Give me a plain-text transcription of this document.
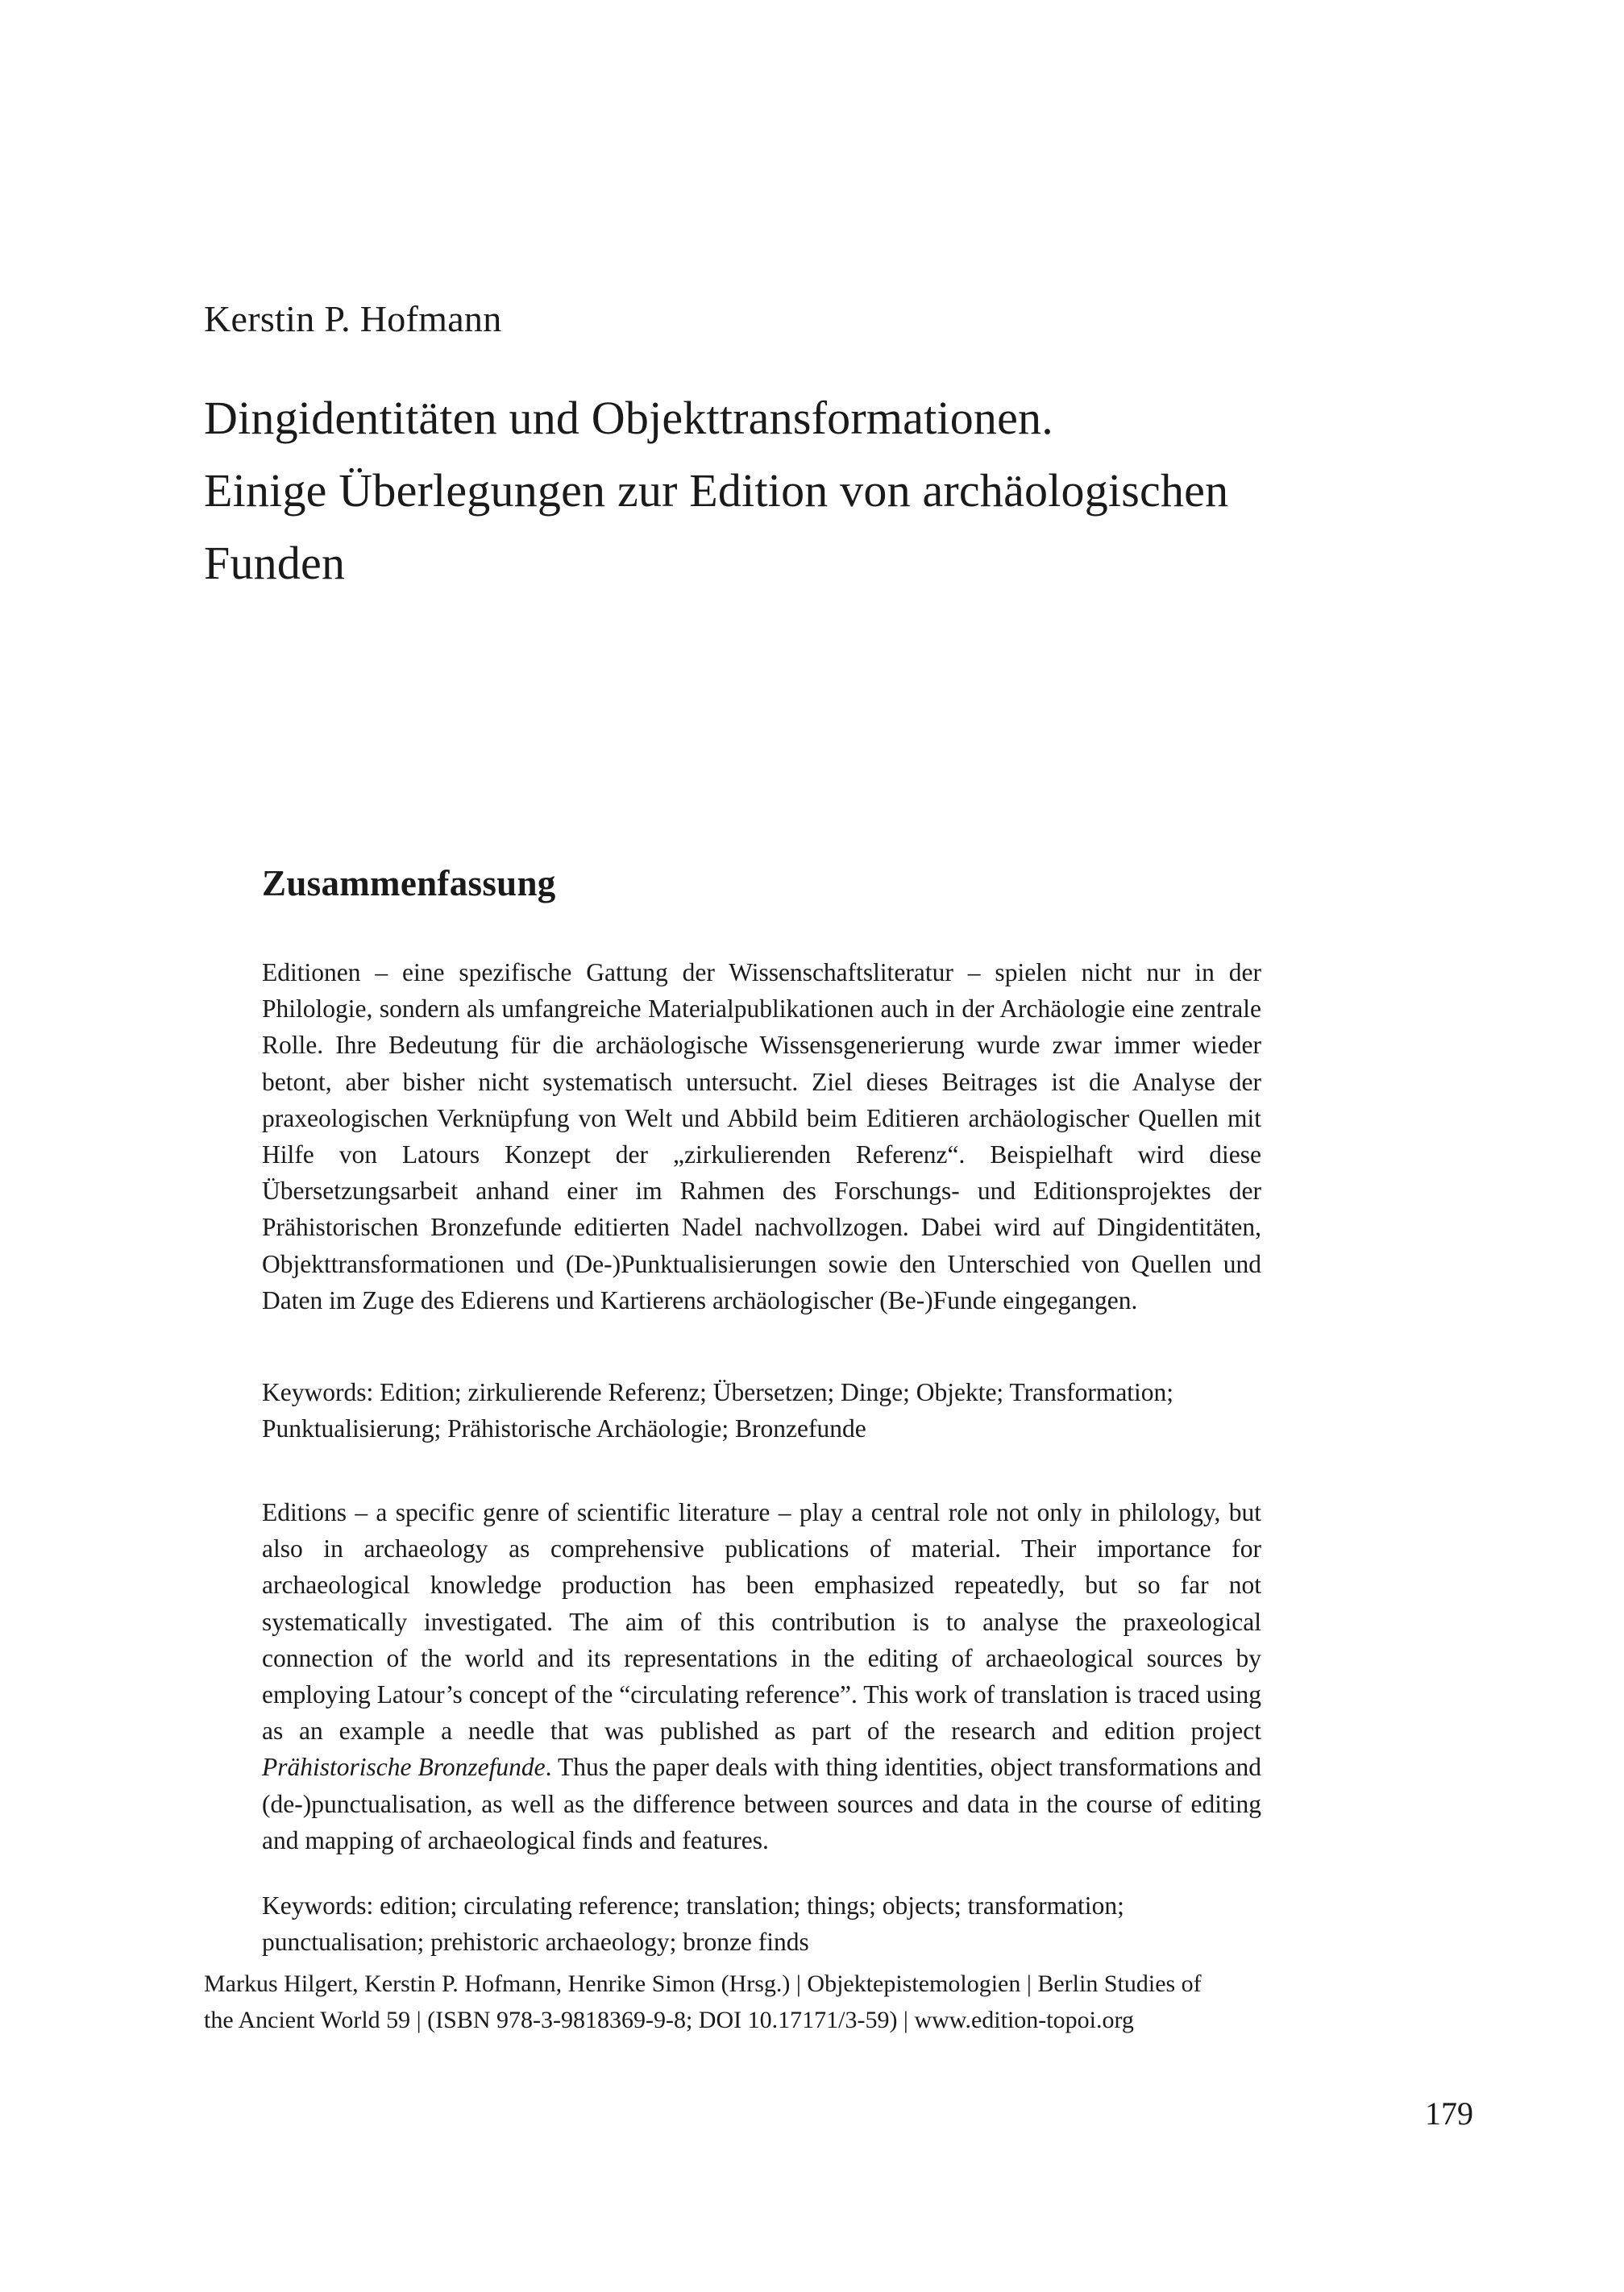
Kerstin P. Hofmann

Dingidentitäten und Objekttransformationen.
Einige Überlegungen zur Edition von archäologischen
Funden
Zusammenfassung

Editionen – eine spezifische Gattung der Wissenschaftsliteratur – spielen nicht nur in der Philologie, sondern als umfangreiche Materialpublikationen auch in der Archäologie eine zentrale Rolle. Ihre Bedeutung für die archäologische Wissensgenerierung wurde zwar immer wieder betont, aber bisher nicht systematisch untersucht. Ziel dieses Beitrages ist die Analyse der praxeologischen Verknüpfung von Welt und Abbild beim Editieren archäologischer Quellen mit Hilfe von Latours Konzept der „zirkulierenden Referenz“. Beispielhaft wird diese Übersetzungsarbeit anhand einer im Rahmen des Forschungs- und Editionsprojektes der Prähistorischen Bronzefunde editierten Nadel nachvollzogen. Dabei wird auf Dingidentitäten, Objekttransformationen und (De-)Punktualisierungen sowie den Unterschied von Quellen und Daten im Zuge des Edierens und Kartierens archäologischer (Be-)Funde eingegangen.

Keywords: Edition; zirkulierende Referenz; Übersetzen; Dinge; Objekte; Transformation; Punktualisierung; Prähistorische Archäologie; Bronzefunde

Editions – a specific genre of scientific literature – play a central role not only in philology, but also in archaeology as comprehensive publications of material. Their importance for archaeological knowledge production has been emphasized repeatedly, but so far not systematically investigated. The aim of this contribution is to analyse the praxeological connection of the world and its representations in the editing of archaeological sources by employing Latour’s concept of the “circulating reference”. This work of translation is traced using as an example a needle that was published as part of the research and edition project Prähistorische Bronzefunde. Thus the paper deals with thing identities, object transformations and (de-)punctualisation, as well as the difference between sources and data in the course of editing and mapping of archaeological finds and features.

Keywords: edition; circulating reference; translation; things; objects; transformation; punctualisation; prehistoric archaeology; bronze finds

Markus Hilgert, Kerstin P. Hofmann, Henrike Simon (Hrsg.) | Objektepistemologien | Berlin Studies of
the Ancient World 59 | (ISBN 978-3-9818369-9-8; DOI 10.17171/3-59) | www.edition-topoi.org

179
